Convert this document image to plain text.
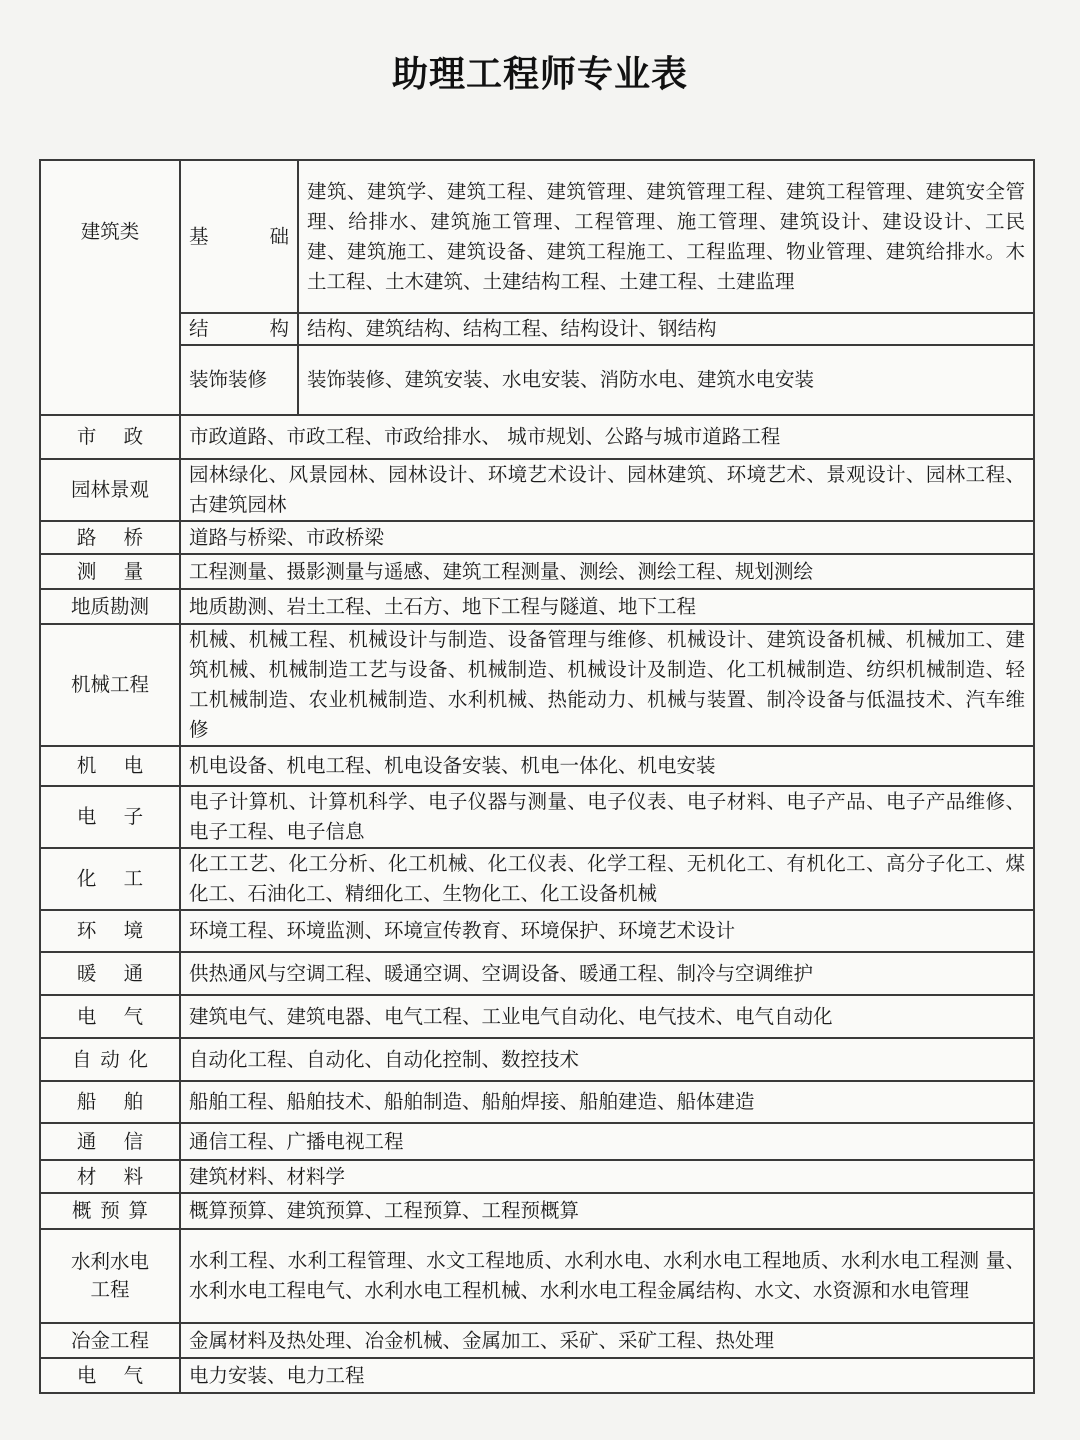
助理工程师专业表
建筑类	基 础	建筑、建筑学、建筑工程、建筑管理、建筑管理工程、建筑工程管理、建筑安全管理、给排水、建筑施工管理、工程管理、施工管理、建筑设计、建设设计、工民建、建筑施工、建筑设备、建筑工程施工、工程监理、物业管理、建筑给排水。木土工程、土木建筑、土建结构工程、土建工程、土建监理

	结 构	结构、建筑结构、结构工程、结构设计、钢结构
	装饰装修	装饰装修、建筑安装、水电安装、消防水电、建筑水电安装
市政	市政道路、市政工程、市政给排水、 城市规划、公路与城市道路工程	
园林景观	园林绿化、风景园林、园林设计、环境艺术设计、园林建筑、环境艺术、景观设计、园林工程、古建筑园林	
路桥	道路与桥梁、市政桥梁	
测量	工程测量、摄影测量与遥感、建筑工程测量、测绘、测绘工程、规划测绘	
地质勘测	地质勘测、岩土工程、土石方、地下工程与隧道、地下工程	
机械工程	机械、机械工程、机械设计与制造、设备管理与维修、机械设计、建筑设备机械、机械加工、建筑机械、机械制造工艺与设备、机械制造、机械设计及制造、化工机械制造、纺织机械制造、轻工机械制造、农业机械制造、水利机械、热能动力、机械与装置、制冷设备与低温技术、汽车维修	
机电	机电设备、机电工程、机电设备安装、机电一体化、机电安装	
电子	电子计算机、计算机科学、电子仪器与测量、电子仪表、电子材料、电子产品、电子产品维修、电子工程、电子信息	
化工	化工工艺、化工分析、化工机械、化工仪表、化学工程、无机化工、有机化工、高分子化工、煤化工、石油化工、精细化工、生物化工、化工设备机械	
环境	环境工程、环境监测、环境宣传教育、环境保护、环境艺术设计	
暖通	供热通风与空调工程、暖通空调、空调设备、暖通工程、制冷与空调维护	
电气	建筑电气、建筑电器、电气工程、工业电气自动化、电气技术、电气自动化	
自动化	自动化工程、自动化、自动化控制、数控技术	
船舶	船舶工程、船舶技术、船舶制造、船舶焊接、船舶建造、船体建造	
通信	通信工程、广播电视工程	
材料	建筑材料、材料学	
概预算	概算预算、建筑预算、工程预算、工程预概算	
水利水电工程	水利工程、水利工程管理、水文工程地质、水利水电、水利水电工程地质、水利水电工程测 量、水利水电工程电气、水利水电工程机械、水利水电工程金属结构、水文、水资源和水电管理	
冶金工程	金属材料及热处理、冶金机械、金属加工、采矿、采矿工程、热处理	
电气	电力安装、电力工程	
